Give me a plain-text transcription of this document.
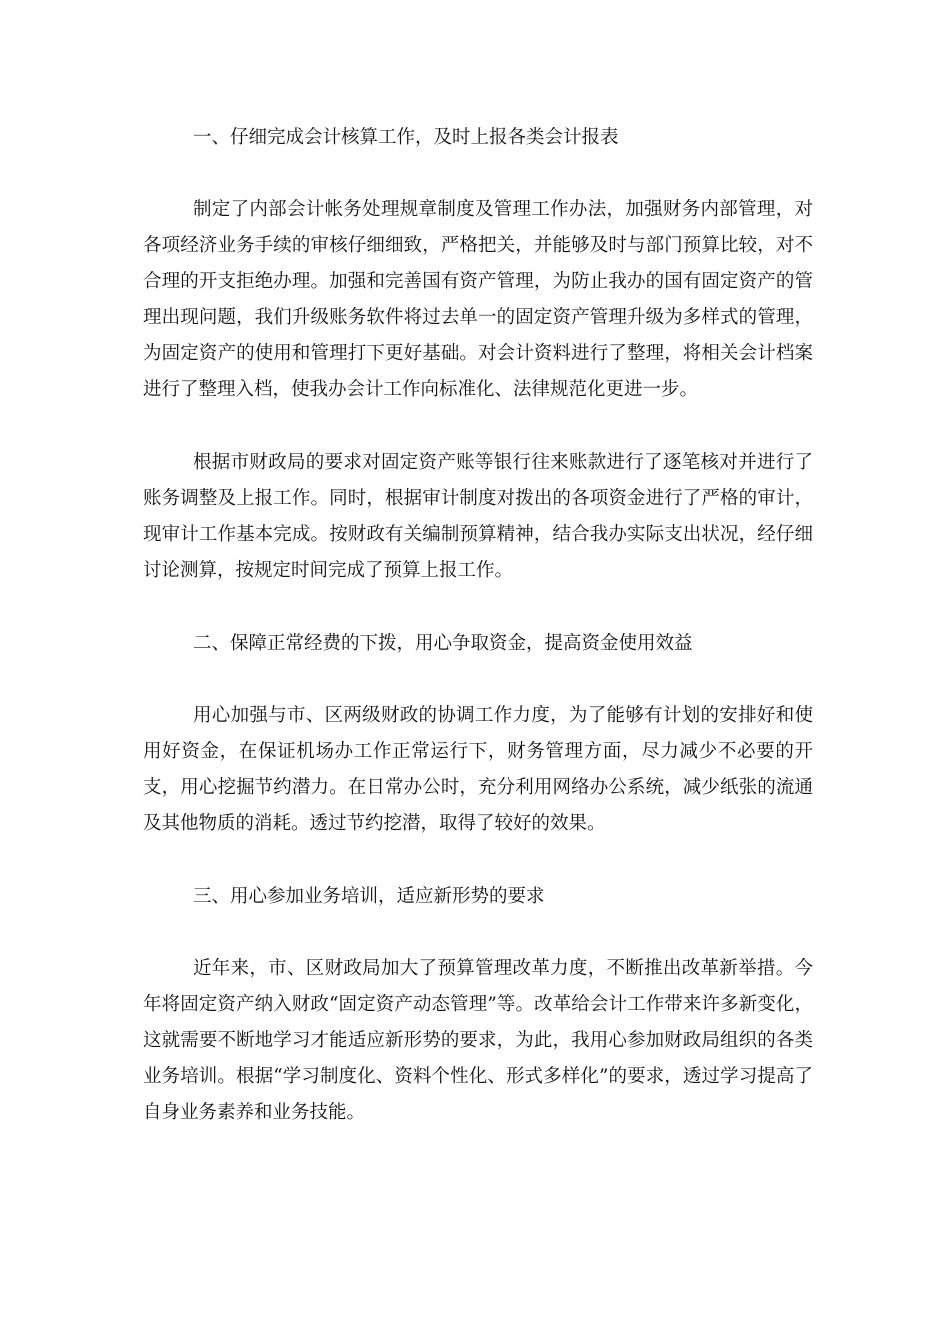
一、仔细完成会计核算工作，及时上报各类会计报表

制定了内部会计帐务处理规章制度及管理工作办法，加强财务内部管理，对各项经济业务手续的审核仔细细致，严格把关，并能够及时与部门预算比较，对不合理的开支拒绝办理。加强和完善国有资产管理，为防止我办的国有固定资产的管理出现问题，我们升级账务软件将过去单一的固定资产管理升级为多样式的管理，为固定资产的使用和管理打下更好基础。对会计资料进行了整理，将相关会计档案进行了整理入档，使我办会计工作向标准化、法律规范化更进一步。

根据市财政局的要求对固定资产账等银行往来账款进行了逐笔核对并进行了账务调整及上报工作。同时，根据审计制度对拨出的各项资金进行了严格的审计，现审计工作基本完成。按财政有关编制预算精神，结合我办实际支出状况，经仔细讨论测算，按规定时间完成了预算上报工作。

二、保障正常经费的下拨，用心争取资金，提高资金使用效益

用心加强与市、区两级财政的协调工作力度，为了能够有计划的安排好和使用好资金，在保证机场办工作正常运行下，财务管理方面，尽力减少不必要的开支，用心挖掘节约潜力。在日常办公时，充分利用网络办公系统，减少纸张的流通及其他物质的消耗。透过节约挖潜，取得了较好的效果。

三、用心参加业务培训，适应新形势的要求

近年来，市、区财政局加大了预算管理改革力度，不断推出改革新举措。今年将固定资产纳入财政“固定资产动态管理”等。改革给会计工作带来许多新变化，这就需要不断地学习才能适应新形势的要求，为此，我用心参加财政局组织的各类业务培训。根据“学习制度化、资料个性化、形式多样化”的要求，透过学习提高了自身业务素养和业务技能。
